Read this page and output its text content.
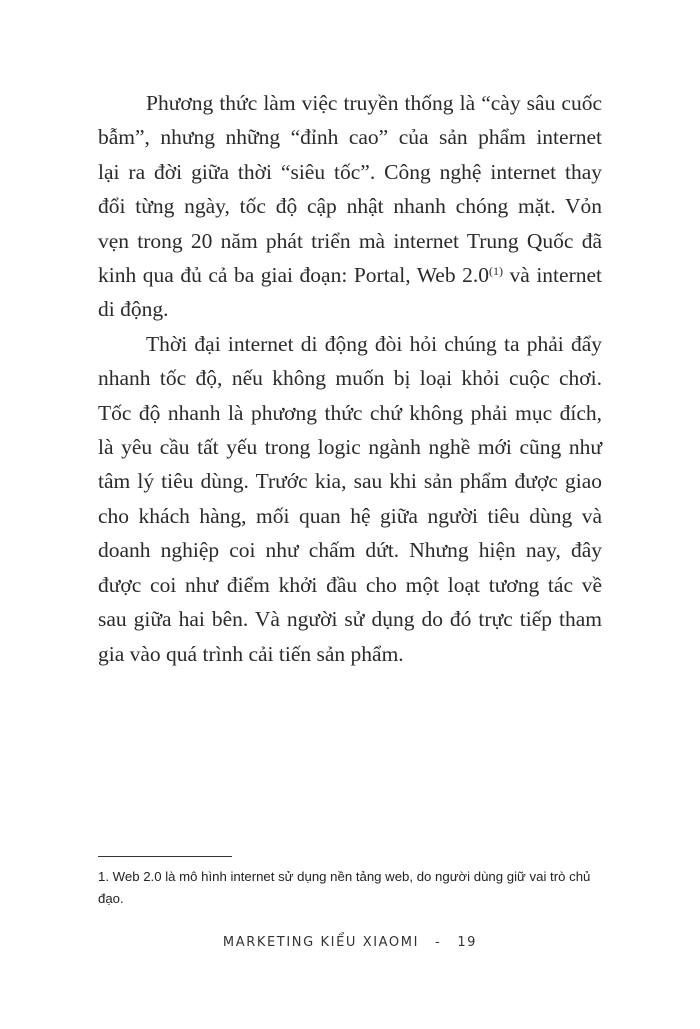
Phương thức làm việc truyền thống là “cày sâu cuốc
bẫm”, nhưng những “đỉnh cao” của sản phẩm internet
lại ra đời giữa thời “siêu tốc”. Công nghệ internet thay
đổi từng ngày, tốc độ cập nhật nhanh chóng mặt. Vỏn
vẹn trong 20 năm phát triển mà internet Trung Quốc đã
kinh qua đủ cả ba giai đoạn: Portal, Web 2.0$^{(1)}$ và internet
di động.
Thời đại internet di động đòi hỏi chúng ta phải đẩy
nhanh tốc độ, nếu không muốn bị loại khỏi cuộc chơi.
Tốc độ nhanh là phương thức chứ không phải mục đích,
là yêu cầu tất yếu trong logic ngành nghề mới cũng như
tâm lý tiêu dùng. Trước kia, sau khi sản phẩm được giao
cho khách hàng, mối quan hệ giữa người tiêu dùng và
doanh nghiệp coi như chấm dứt. Nhưng hiện nay, đây
được coi như điểm khởi đầu cho một loạt tương tác về
sau giữa hai bên. Và người sử dụng do đó trực tiếp tham
gia vào quá trình cải tiến sản phẩm.
1. Web 2.0 là mô hình internet sử dụng nền tảng web, do người dùng giữ vai trò chủ đạo.
MARKETING KIỂU XIAOMI - 19
